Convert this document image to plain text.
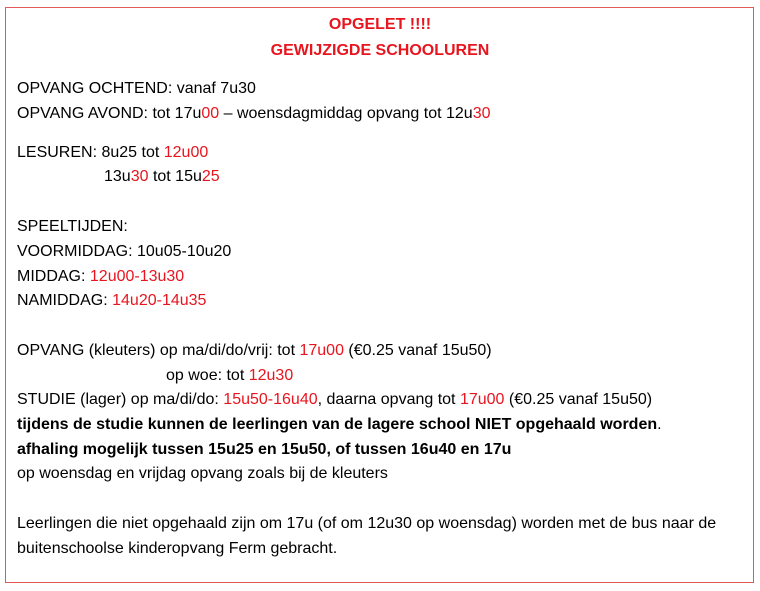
OPGELET !!!!
GEWIJZIGDE SCHOOLUREN
OPVANG OCHTEND: vanaf 7u30
OPVANG AVOND: tot 17u00 – woensdagmiddag opvang tot 12u30
LESUREN: 8u25 tot 12u00
13u30 tot 15u25
SPEELTIJDEN:
VOORMIDDAG: 10u05-10u20
MIDDAG: 12u00-13u30
NAMIDDAG: 14u20-14u35
OPVANG (kleuters) op ma/di/do/vrij: tot 17u00 (€0.25 vanaf 15u50)
op woe: tot 12u30
STUDIE (lager) op ma/di/do: 15u50-16u40, daarna opvang tot 17u00 (€0.25 vanaf 15u50)
tijdens de studie kunnen de leerlingen van de lagere school NIET opgehaald worden.
afhaling mogelijk tussen 15u25 en 15u50, of tussen 16u40 en 17u
op woensdag en vrijdag opvang zoals bij de kleuters
Leerlingen die niet opgehaald zijn om 17u (of om 12u30 op woensdag) worden met de bus naar de
buitenschoolse kinderopvang Ferm gebracht.
